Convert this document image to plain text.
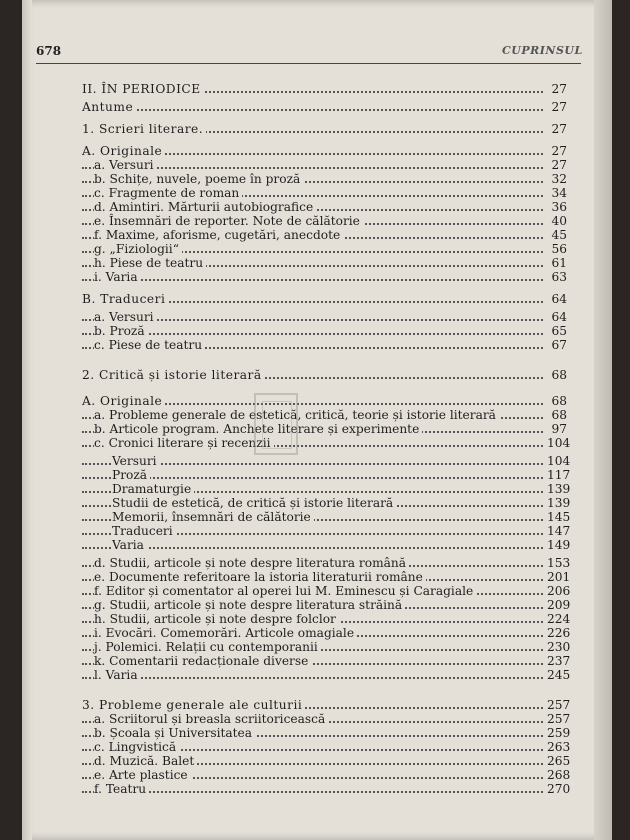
678	CUPRINSUL
II. ÎN PERIODICE	27
Antume	27
1. Scrieri literare.	27
A. Originale	27
a. Versuri	27
b. Schițe, nuvele, poeme în proză	32
c. Fragmente de roman	34
d. Amintiri. Mărturii autobiografice	36
e. Însemnări de reporter. Note de călătorie	40
f. Maxime, aforisme, cugetări, anecdote	45
g. „Fiziologii“	56
h. Piese de teatru	61
i. Varia	63
B. Traduceri	64
a. Versuri	64
b. Proză	65
c. Piese de teatru	67
2. Critică și istorie literară	68
A. Originale	68
a. Probleme generale de estetică, critică, teorie și istorie literară	68
b. Articole program. Anchete literare și experimente	97
c. Cronici literare și recenzii	104
Versuri	104
Proză	117
Dramaturgie	139
Studii de estetică, de critică și istorie literară	139
Memorii, însemnări de călătorie	145
Traduceri	147
Varia	149
d. Studii, articole și note despre literatura română	153
e. Documente referitoare la istoria literaturii române	201
f. Editor și comentator al operei lui M. Eminescu și Caragiale	206
g. Studii, articole și note despre literatura străină	209
h. Studii, articole și note despre folclor	224
i. Evocări. Comemorări. Articole omagiale	226
j. Polemici. Relații cu contemporanii	230
k. Comentarii redacționale diverse	237
l. Varia	245
3. Probleme generale ale culturii	257
a. Scriitorul și breasla scriitoricească	257
b. Școala și Universitatea	259
c. Lingvistică	263
d. Muzică. Balet	265
e. Arte plastice	268
f. Teatru	270
